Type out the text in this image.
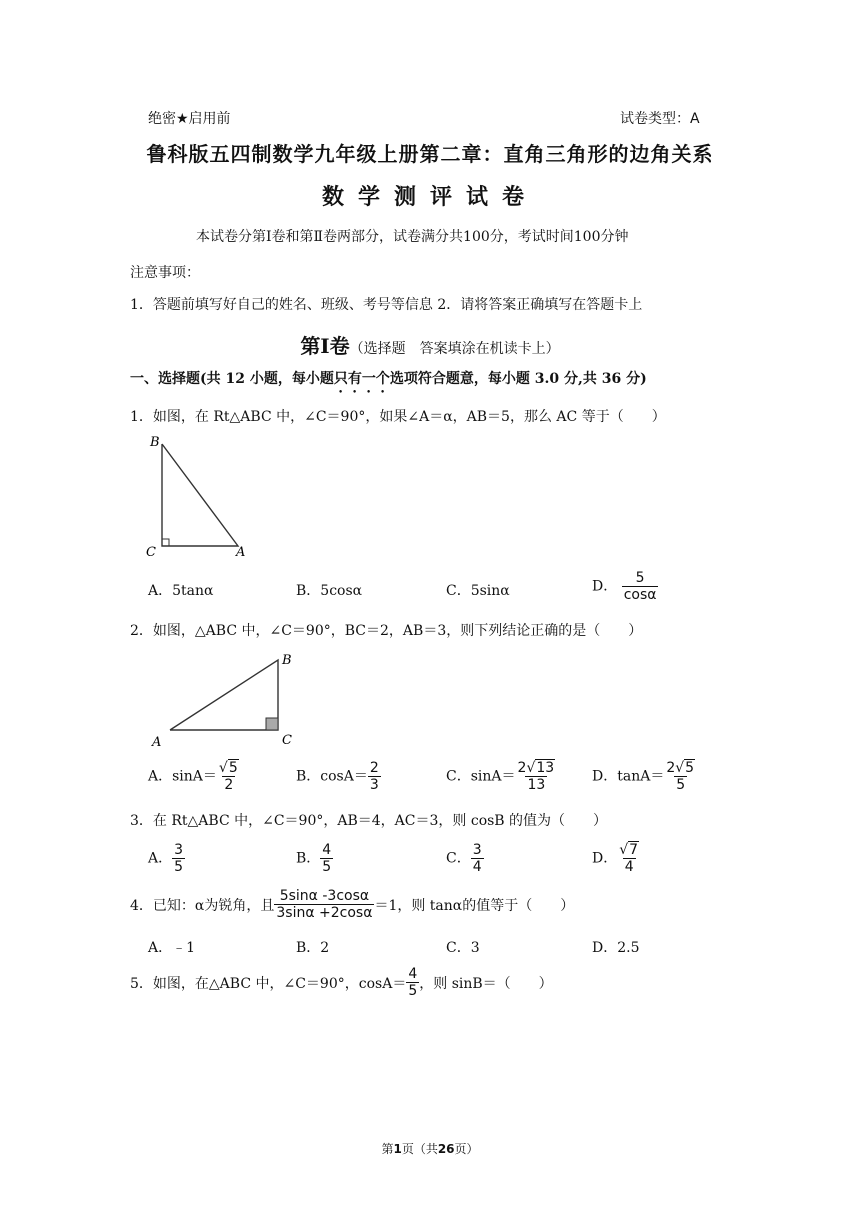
绝密★启用前	试卷类型：A
鲁科版五四制数学九年级上册第二章：直角三角形的边角关系
数学测评试卷
本试卷分第Ⅰ卷和第Ⅱ卷两部分，试卷满分共100分，考试时间100分钟
注意事项：
1．答题前填写好自己的姓名、班级、考号等信息 2．请将答案正确填写在答题卡上
第Ⅰ卷（选择题　答案填涂在机读卡上）
一、选择题(共 12 小题，每小题只有一个选项符合题意，每小题 3.0 分,共 36 分)
1．如图，在 Rt△ABC 中，∠C＝90°，如果∠A＝α，AB＝5，那么 AC 等于（　　）
B
C	A
A．5tanα	B．5cosα	C．5sinα	D． $\frac{5}{\cos\alpha}$
2．如图，△ABC 中，∠C＝90°，BC＝2，AB＝3，则下列结论正确的是（　　）
B
A	C
A．$\sin A= \frac{√5}{2}$	B．$\cos A= \frac{2}{3}$	C．$\sin A= \frac{2√13}{13}$ D．$\tan A= \frac{2√5}{5}$
3．在 Rt△ABC 中，∠C＝90°，AB＝4，AC＝3，则 cosB 的值为（　　）
A． $\frac{3}{5}$	B． $\frac{4}{5}$	C． $\frac{3}{4}$	D． $\frac{√7}{4}$
4．已知：α为锐角，且 $\frac{5\sin\alpha -3\cos\alpha}{3\sin\alpha +2\cos\alpha} =1$，则 tanα的值等于（　　）
A．﹣1	B．2	C．3	D．2.5
5．如图，在△ABC 中，∠C＝90°，$\cos A= \frac{4}{5}$ ，则 sinB＝（　　）
第1页（共26页）
